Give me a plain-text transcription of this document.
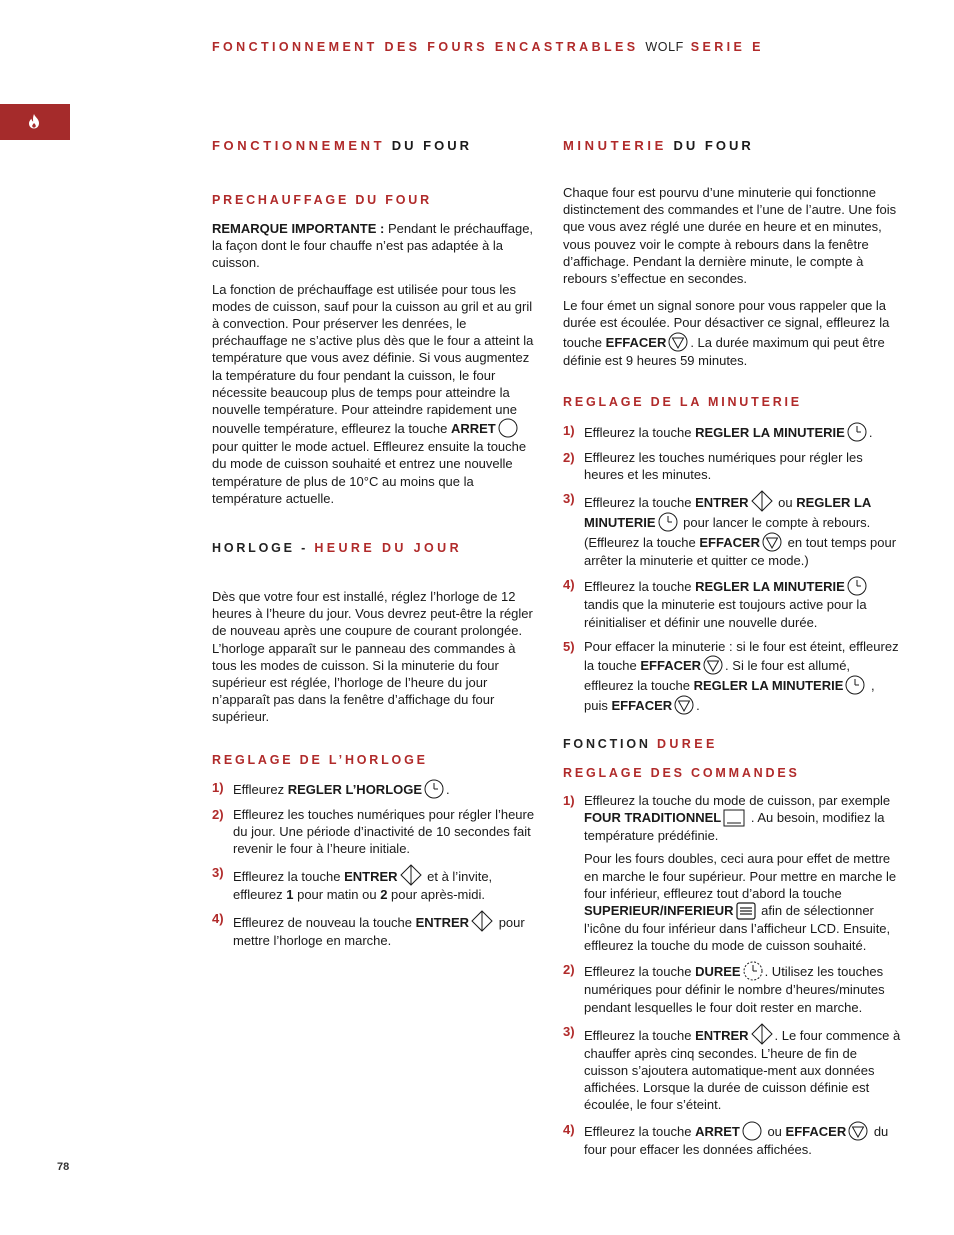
FONCTIONNEMENT DES FOURS ENCASTRABLES WOLF SERIE E
FONCTIONNEMENT DU FOUR
PRECHAUFFAGE DU FOUR

REMARQUE IMPORTANTE : Pendant le préchauffage, la façon dont le four chauffe n’est pas adaptée à la cuisson.

La fonction de préchauffage est utilisée pour tous les modes de cuisson, sauf pour la cuisson au gril et au gril à convection. Pour préserver les denrées, le préchauffage ne s’active plus dès que le four a atteint la température que vous avez définie. Si vous augmentez la température du four pendant la cuisson, le four nécessite beaucoup plus de temps pour atteindre la nouvelle température. Pour atteindre rapidement une nouvelle température, effleurez la touche ARRET pour quitter le mode actuel. Effleurez ensuite la touche du mode de cuisson souhaité et entrez une nouvelle température de plus de 10°C au moins que la température actuelle.

HORLOGE - HEURE DU JOUR

Dès que votre four est installé, réglez l’horloge de 12 heures à l’heure du jour. Vous devrez peut-être la régler de nouveau après une coupure de courant prolongée. L’horloge apparaît sur le panneau des commandes à tous les modes de cuisson. Si la minuterie du four supérieur est réglée, l’horloge de l’heure du jour n’apparaît pas dans la fenêtre d’affichage du four supérieur.

REGLAGE DE L’HORLOGE
1) Effleurez REGLER L’HORLOGE .
2) Effleurez les touches numériques pour régler l’heure du jour. Une période d’inactivité de 10 secondes fait revenir le four à l’heure initiale.
3) Effleurez la touche ENTRER et à l’invite, effleurez 1 pour matin ou 2 pour après-midi.
4) Effleurez de nouveau la touche ENTRER pour mettre l’horloge en marche.
MINUTERIE DU FOUR

Chaque four est pourvu d’une minuterie qui fonctionne distinctement des commandes et l’une de l’autre. Une fois que vous avez réglé une durée en heure et en minutes, vous pouvez voir le compte à rebours dans la fenêtre d’affichage. Pendant la dernière minute, le compte à rebours s’effectue en secondes.

Le four émet un signal sonore pour vous rappeler que la durée est écoulée. Pour désactiver ce signal, effleurez la touche EFFACER . La durée maximum qui peut être définie est 9 heures 59 minutes.

REGLAGE DE LA MINUTERIE
1) Effleurez la touche REGLER LA MINUTERIE .
2) Effleurez les touches numériques pour régler les heures et les minutes.
3) Effleurez la touche ENTRER ou REGLER LA MINUTERIE pour lancer le compte à rebours. (Effleurez la touche EFFACER en tout temps pour arrêter la minuterie et quitter ce mode.)
4) Effleurez la touche REGLER LA MINUTERIE tandis que la minuterie est toujours active pour la réinitialiser et définir une nouvelle durée.
5) Pour effacer la minuterie : si le four est éteint, effleurez la touche EFFACER . Si le four est allumé, effleurez la touche REGLER LA MINUTERIE , puis EFFACER .
FONCTION DUREE
REGLAGE DES COMMANDES
1) Effleurez la touche du mode de cuisson, par exemple FOUR TRADITIONNEL . Au besoin, modifiez la température prédéfinie.

Pour les fours doubles, ceci aura pour effet de mettre en marche le four supérieur. Pour mettre en marche le four inférieur, effleurez tout d’abord la touche SUPERIEUR/INFERIEUR afin de sélectionner l’icône du four inférieur dans l’afficheur LCD. Ensuite, effleurez la touche du mode de cuisson souhaité.

2) Effleurez la touche DUREE . Utilisez les touches numériques pour définir le nombre d’heures/minutes pendant lesquelles le four doit rester en marche.
3) Effleurez la touche ENTRER . Le four commence à chauffer après cinq secondes. L’heure de fin de cuisson s’ajoutera automatique-ment aux données affichées. Lorsque la durée de cuisson définie est écoulée, le four s’éteint.
4) Effleurez la touche ARRET ou EFFACER du four pour effacer les données affichées.
78
